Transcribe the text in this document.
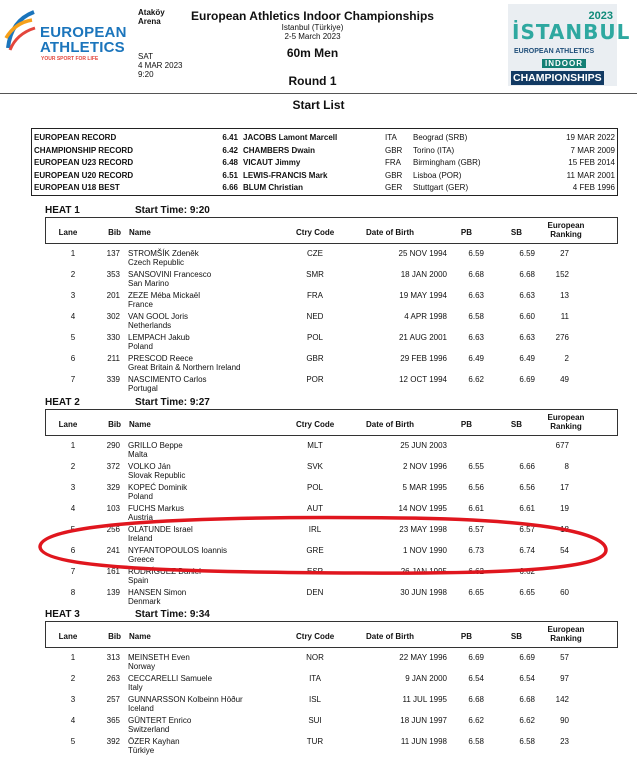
EUROPEAN
ATHLETICS
YOUR SPORT FOR LIFE
Ataköy
Arena
SAT
4 MAR 2023
9:20
European Athletics Indoor Championships
Istanbul (Türkiye)
2-5 March 2023
60m Men
Round 1
2023
İSTANBUL
EUROPEAN ATHLETICS
INDOOR
CHAMPIONSHIPS
Start List
EUROPEAN RECORD	6.41 JACOBS Lamont Marcell	ITA Beograd (SRB)	19 MAR 2022
CHAMPIONSHIP RECORD	6.42 CHAMBERS Dwain	GBR Torino (ITA)	7 MAR 2009
EUROPEAN U23 RECORD	6.48 VICAUT Jimmy	FRA Birmingham (GBR)	15 FEB 2014
EUROPEAN U20 RECORD	6.51 LEWIS-FRANCIS Mark	GBR Lisboa (POR)	11 MAR 2001
EUROPEAN U18 BEST	6.66 BLUM Christian	GER Stuttgart (GER)	4 FEB 1996
HEAT 1	Start Time: 9:20
Lane	Bib Name	Ctry Code	Date of Birth	PB	SB
European
Ranking
1	137 STROMŠÍK Zdeněk	CZE	25 NOV 1994	6.59	6.59
Czech Republic
27
2	353 SANSOVINI Francesco	SMR	18 JAN 2000	6.68	6.68
San Marino
152
3	201 ZEZE Méba Mickaël	FRA	19 MAY 1994	6.63	6.63
France
13
4	302 VAN GOOL Joris	NED	4 APR 1998	6.58	6.60
Netherlands
11
5	330 LEMPACH Jakub	POL	21 AUG 2001	6.63	6.63
Poland
276
6	211 PRESCOD Reece	GBR	29 FEB 1996	6.49	6.49
Great Britain & Northern Ireland
2
7	339 NASCIMENTO Carlos	POR	12 OCT 1994	6.62	6.69
Portugal
49
HEAT 2	Start Time: 9:27
Lane	Bib Name	Ctry Code	Date of Birth	PB	SB
European
Ranking
1	290 GRILLO Beppe	MLT	25 JUN 2003
Malta
677
2	372 VOLKO Ján	SVK	2 NOV 1996	6.55	6.66
Slovak Republic
8
3	329 KOPEĆ Dominik	POL	5 MAR 1995	6.56	6.56
Poland
17
4	103 FUCHS Markus	AUT	14 NOV 1995	6.61	6.61
Austria
19
5	256 OLATUNDE Israel	IRL	23 MAY 1998	6.57	6.57
Ireland
18
6	241 NYFANTOPOULOS Ioannis	GRE	1 NOV 1990	6.73	6.74
Greece
54
7	161 RODRÍGUEZ Daniel	ESP	26 JAN 1995	6.62	6.62
Spain
8	139 HANSEN Simon	DEN	30 JUN 1998	6.65	6.65
Denmark
60
HEAT 3	Start Time: 9:34
Lane	Bib Name	Ctry Code	Date of Birth	PB	SB
European
Ranking
1	313 MEINSETH Even	NOR	22 MAY 1996	6.69	6.69
Norway
57
2	263 CECCARELLI Samuele	ITA	9 JAN 2000	6.54	6.54
Italy
97
3	257 GUNNARSSON Kolbeinn Höður	ISL	11 JUL 1995	6.68	6.68
Iceland
142
4	365 GÜNTERT Enrico	SUI	18 JUN 1997	6.62	6.62
Switzerland
90
5	392 ÖZER Kayhan	TUR	11 JUN 1998	6.58	6.58
Türkiye
23
